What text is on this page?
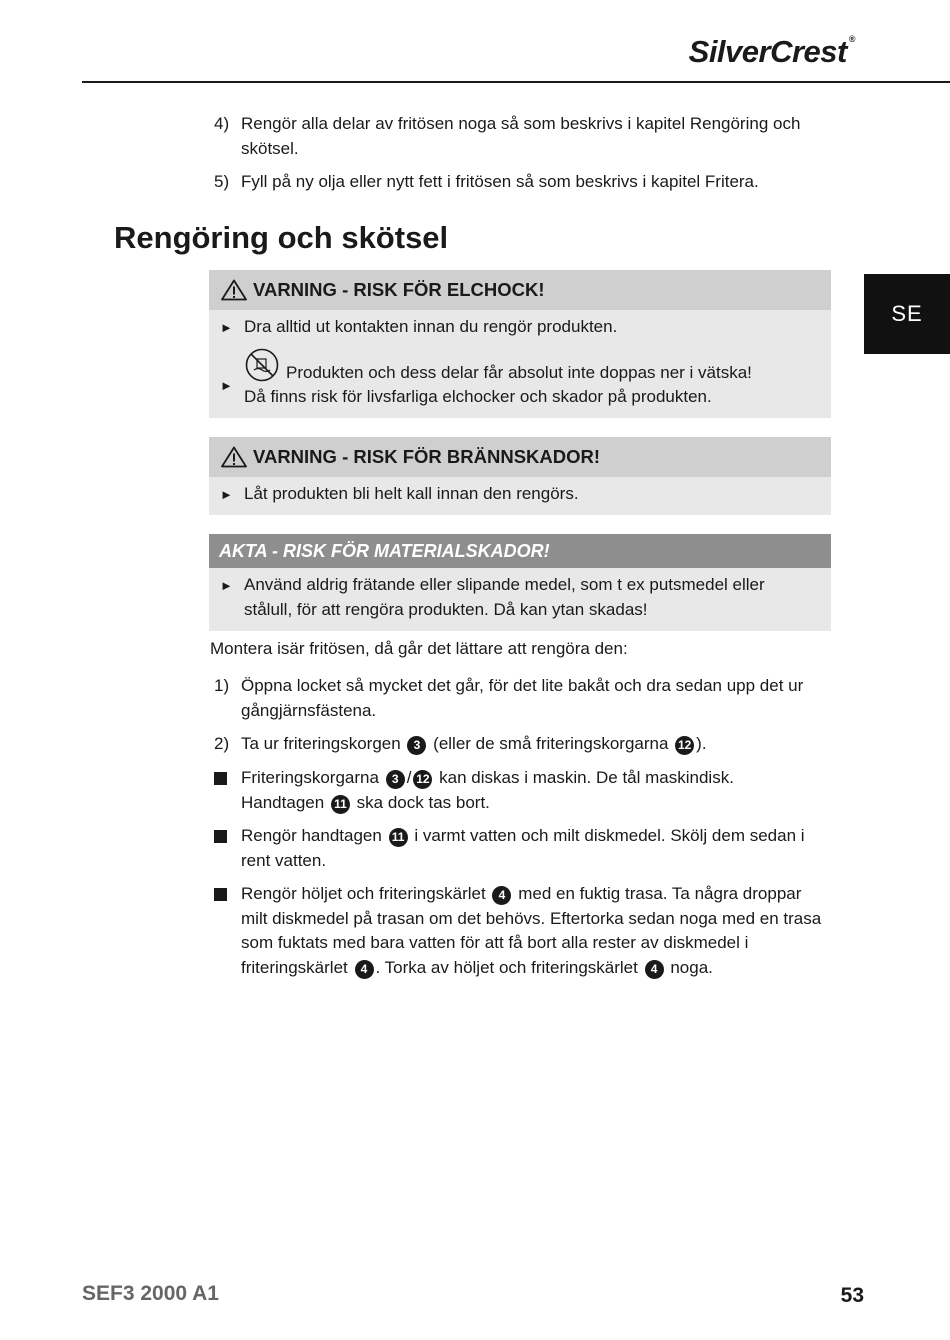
SilverCrest ®
SE
4) Rengör alla delar av fritösen noga så som beskrivs i kapitel Rengöring och skötsel.
5) Fyll på ny olja eller nytt fett i fritösen så som beskrivs i kapitel Fritera.
Rengöring och skötsel
VARNING - RISK FÖR ELCHOCK!
► Dra alltid ut kontakten innan du rengör produkten.
►
Produkten och dess delar får absolut inte doppas ner i vätska!
Då finns risk för livsfarliga elchocker och skador på produkten.
VARNING - RISK FÖR BRÄNNSKADOR!
► Låt produkten bli helt kall innan den rengörs.
AKTA - RISK FÖR MATERIALSKADOR!
► Använd aldrig frätande eller slipande medel, som t ex putsmedel eller stålull, för att rengöra produkten. Då kan ytan skadas!
Montera isär fritösen, då går det lättare att rengöra den:
1) Öppna locket så mycket det går, för det lite bakåt och dra sedan upp det ur gångjärnsfästena.
2) Ta ur friteringskorgen 3 (eller de små friteringskorgarna 12 ).
Friteringskorgarna 3 / 12 kan diskas i maskin. De tål maskindisk.
Handtagen 11 ska dock tas bort.
Rengör handtagen 11 i varmt vatten och milt diskmedel. Skölj dem sedan i rent vatten.
Rengör höljet och friteringskärlet 4 med en fuktig trasa. Ta några droppar milt diskmedel på trasan om det behövs. Eftertorka sedan noga med en trasa som fuktats med bara vatten för att få bort alla rester av diskmedel i friteringskärlet 4 . Torka av höljet och friteringskärlet 4 noga.
SEF3 2000 A1	53
